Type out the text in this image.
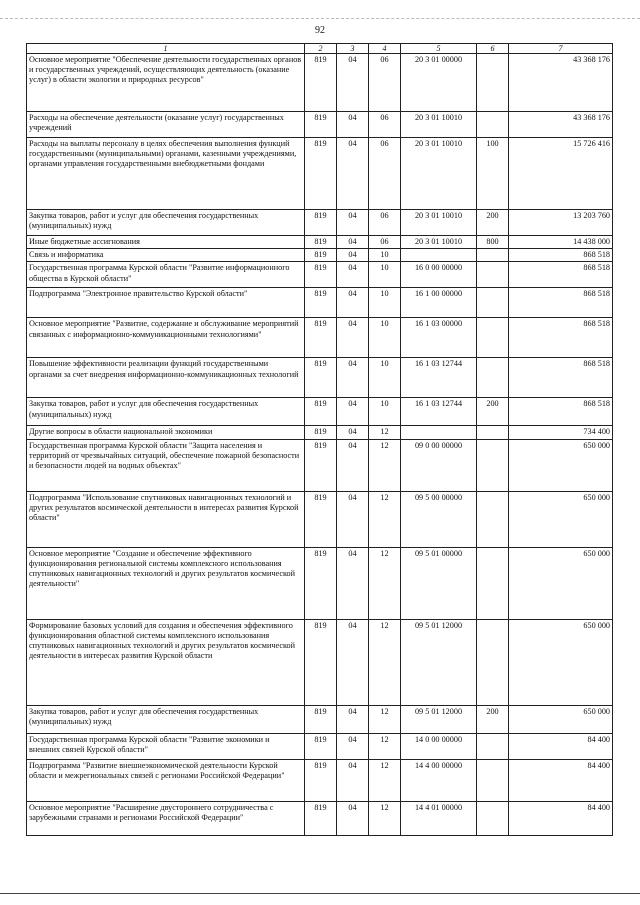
92
1	2	3	4	5	6	7
Основное мероприятие "Обеспечение деятельности государственных органов и государственных учреждений, осуществляющих деятельность (оказание услуг) в области экологии и природных ресурсов"	819	04	06	20 3 01 00000		43 368 176
Расходы на обеспечение деятельности (оказание услуг) государственных учреждений	819	04	06	20 3 01 10010		43 368 176
Расходы на выплаты персоналу в целях обеспечения выполнения функций государственными (муниципальными) органами, казенными учреждениями, органами управления государственными внебюджетными фондами	819	04	06	20 3 01 10010	100	15 726 416
Закупка товаров, работ и услуг для обеспечения государственных (муниципальных) нужд	819	04	06	20 3 01 10010	200	13 203 760
Иные бюджетные ассигнования	819	04	06	20 3 01 10010	800	14 438 000
Связь и информатика	819	04	10			868 518
Государственная программа Курской области "Развитие информационного общества в Курской области"	819	04	10	16 0 00 00000		868 518
Подпрограмма "Электронное правительство Курской области"	819	04	10	16 1 00 00000		868 518
Основное мероприятие "Развитие, содержание и обслуживание мероприятий связанных с информационно-коммуникационными технологиями"	819	04	10	16 1 03 00000		868 518
Повышение эффективности реализации функций государственными органами за счет внедрения информационно-коммуникационных технологий	819	04	10	16 1 03 12744		868 518
Закупка товаров, работ и услуг для обеспечения государственных (муниципальных) нужд	819	04	10	16 1 03 12744	200	868 518
Другие вопросы в области национальной экономики	819	04	12			734 400
Государственная программа Курской области "Защита населения и территорий от чрезвычайных ситуаций, обеспечение пожарной безопасности и безопасности людей на водных объектах"	819	04	12	09 0 00 00000		650 000
Подпрограмма "Использование спутниковых навигационных технологий и других результатов космической деятельности в интересах развития Курской области"	819	04	12	09 5 00 00000		650 000
Основное мероприятие "Создание и обеспечение эффективного функционирования региональной системы комплексного использования спутниковых навигационных технологий и других результатов космической деятельности"	819	04	12	09 5 01 00000		650 000
Формирование базовых условий для создания и обеспечения эффективного функционирования областной системы комплексного использования спутниковых навигационных технологий и других результатов космической деятельности в интересах развития Курской области	819	04	12	09 5 01 12000		650 000
Закупка товаров, работ и услуг для обеспечения государственных (муниципальных) нужд	819	04	12	09 5 01 12000	200	650 000
Государственная программа Курской области "Развитие экономики и внешних связей Курской области"	819	04	12	14 0 00 00000		84 400
Подпрограмма "Развитие внешнеэкономической деятельности Курской области и межрегиональных связей с регионами Российской Федерации"	819	04	12	14 4 00 00000		84 400
Основное мероприятие "Расширение двустороннего сотрудничества с зарубежными странами и регионами Российской Федерации"	819	04	12	14 4 01 00000		84 400
